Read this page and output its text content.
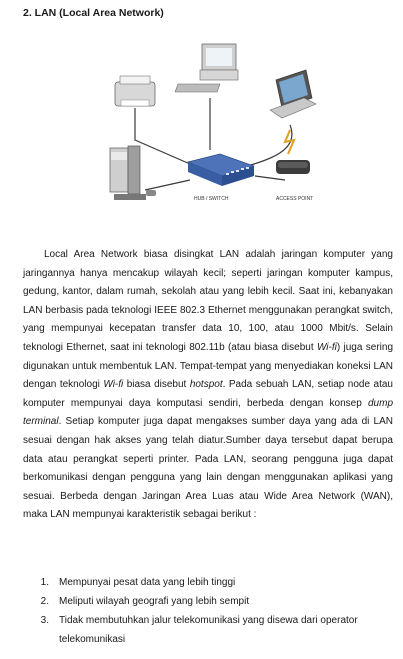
2. LAN (Local Area Network)
HUB / SWITCH	ACCESS POINT

Local Area Network biasa disingkat LAN adalah jaringan komputer yang jaringannya hanya mencakup wilayah kecil; seperti jaringan komputer kampus, gedung, kantor, dalam rumah, sekolah atau yang lebih kecil. Saat ini, kebanyakan LAN berbasis pada teknologi IEEE 802.3 Ethernet menggunakan perangkat switch, yang mempunyai kecepatan transfer data 10, 100, atau 1000 Mbit/s. Selain teknologi Ethernet, saat ini teknologi 802.11b (atau biasa disebut Wi-fi) juga sering digunakan untuk membentuk LAN. Tempat-tempat yang menyediakan koneksi LAN dengan teknologi Wi-fi biasa disebut hotspot. Pada sebuah LAN, setiap node atau komputer mempunyai daya komputasi sendiri, berbeda dengan konsep dump terminal. Setiap komputer juga dapat mengakses sumber daya yang ada di LAN sesuai dengan hak akses yang telah diatur.Sumber daya tersebut dapat berupa data atau perangkat seperti printer. Pada LAN, seorang pengguna juga dapat berkomunikasi dengan pengguna yang lain dengan menggunakan aplikasi yang sesuai. Berbeda dengan Jaringan Area Luas atau Wide Area Network (WAN), maka LAN mempunyai karakteristik sebagai berikut :

1.	Mempunyai pesat data yang lebih tinggi
2.	Meliputi wilayah geografi yang lebih sempit
3.	Tidak membutuhkan jalur telekomunikasi yang disewa dari operator telekomunikasi
